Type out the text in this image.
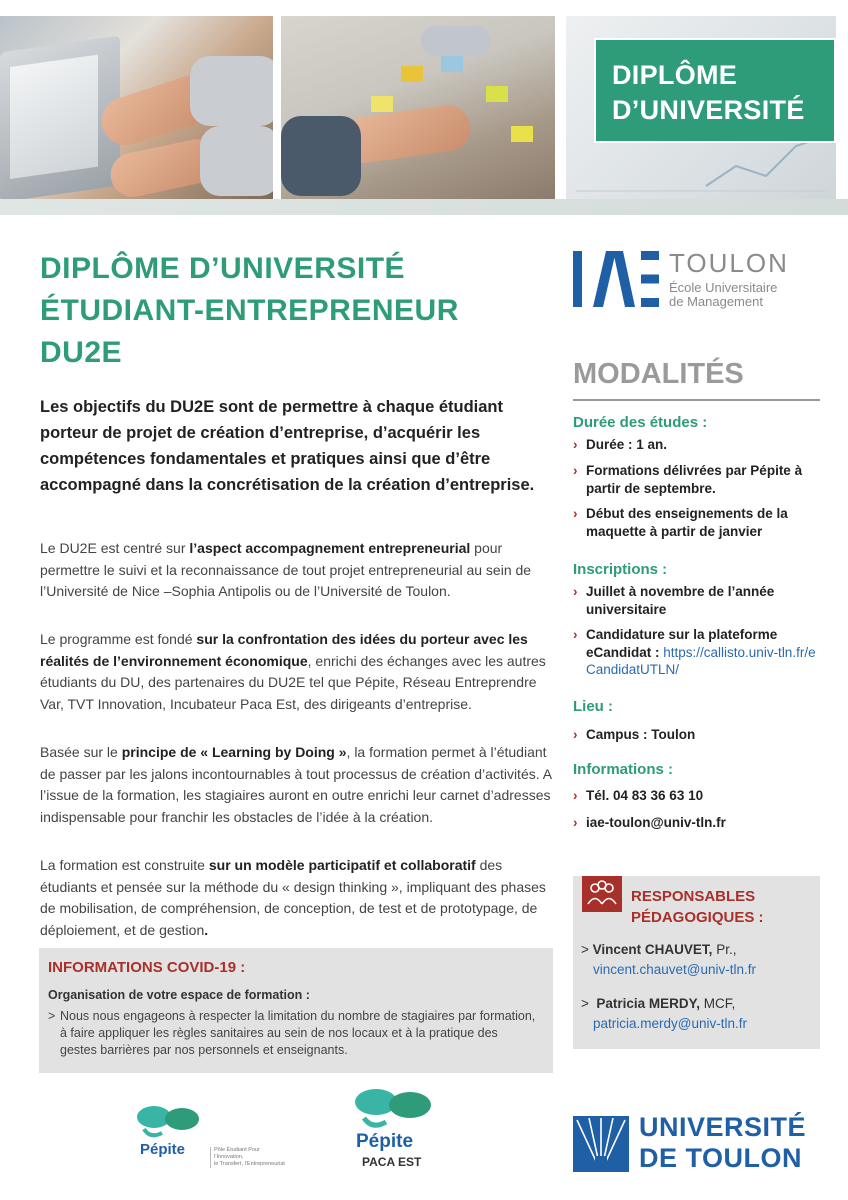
DIPLÔME
D’UNIVERSITÉ
DIPLÔME D’UNIVERSITÉ
ÉTUDIANT-ENTREPRENEUR
DU2E
Les objectifs du DU2E sont de permettre à chaque étudiant porteur de projet de création d’entreprise, d’acquérir les compétences fondamentales et pratiques ainsi que d’être accompagné dans la concrétisation de la création d’entreprise.
Le DU2E est centré sur l’aspect accompagnement entrepreneurial pour permettre le suivi et la reconnaissance de tout projet entrepreneurial au sein de l’Université de Nice –Sophia Antipolis ou de l’Université de Toulon.
Le programme est fondé sur la confrontation des idées du porteur avec les réalités de l’environnement économique, enrichi des échanges avec les autres étudiants du DU, des partenaires du DU2E tel que Pépite, Réseau Entreprendre Var, TVT Innovation, Incubateur Paca Est, des dirigeants d’entreprise.
Basée sur le principe de « Learning by Doing », la formation permet à l’étudiant de passer par les jalons incontournables à tout processus de création d’activités. A l’issue de la formation, les stagiaires auront en outre enrichi leur carnet d’adresses indispensable pour franchir les obstacles de l’idée à la création.
La formation est construite sur un modèle participatif et collaboratif des étudiants et pensée sur la méthode du « design thinking », impliquant des phases de mobilisation, de compréhension, de conception, de test et de prototypage, de déploiement, et de gestion.
INFORMATIONS COVID-19 :
Organisation de votre espace de formation :
> Nous nous engageons à respecter la limitation du nombre de stagiaires par formation, à faire appliquer les règles sanitaires au sein de nos locaux et à la pratique des gestes barrières par nos personnels et enseignants.
TOULON
École Universitaire
de Management
MODALITÉS
Durée des études :
› Durée : 1 an.
› Formations délivrées par Pépite à partir de septembre.
› Début des enseignements de la maquette à partir de janvier
Inscriptions :
› Juillet à novembre de l’année universitaire
› Candidature sur la plateforme eCandidat : https://callisto.univ-tln.fr/eCandidatUTLN/
Lieu :
› Campus : Toulon
Informations :
› Tél. 04 83 36 63 10
› iae-toulon@univ-tln.fr
RESPONSABLES
PÉDAGOGIQUES :
> Vincent CHAUVET, Pr.,
vincent.chauvet@univ-tln.fr
> Patricia MERDY, MCF,
patricia.merdy@univ-tln.fr
Pépite	Pôle Étudiant Pour l’Innovation,
le Transfert, l’Entrepreneuriat
Pépite
PACA EST
UNIVERSITÉ
DE TOULON
